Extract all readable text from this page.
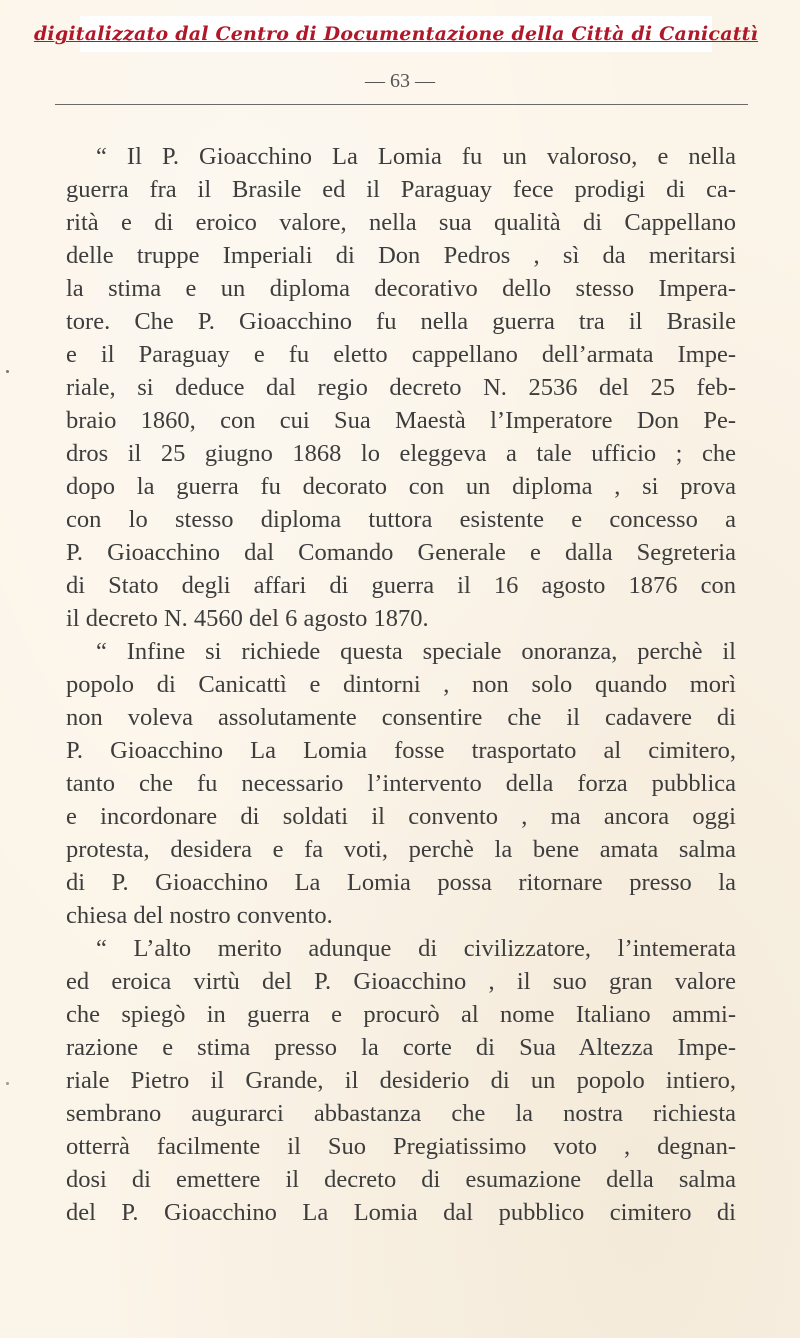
digitalizzato dal Centro di Documentazione della Città di Canicattì
— 63 —
“ Il P. Gioacchino La Lomia fu un valoroso, e nella
guerra fra il Brasile ed il Paraguay fece prodigi di ca-
rità e di eroico valore, nella sua qualità di Cappellano
delle truppe Imperiali di Don Pedros , sì da meritarsi
la stima e un diploma decorativo dello stesso Impera-
tore. Che P. Gioacchino fu nella guerra tra il Brasile
e il Paraguay e fu eletto cappellano dell’armata Impe-
riale, si deduce dal regio decreto N. 2536 del 25 feb-
braio 1860, con cui Sua Maestà l’Imperatore Don Pe-
dros il 25 giugno 1868 lo eleggeva a tale ufficio ; che
dopo la guerra fu decorato con un diploma , si prova
con lo stesso diploma tuttora esistente e concesso a
P. Gioacchino dal Comando Generale e dalla Segreteria
di Stato degli affari di guerra il 16 agosto 1876 con
il decreto N. 4560 del 6 agosto 1870.
“ Infine si richiede questa speciale onoranza, perchè il
popolo di Canicattì e dintorni , non solo quando morì
non voleva assolutamente consentire che il cadavere di
P. Gioacchino La Lomia fosse trasportato al cimitero,
tanto che fu necessario l’intervento della forza pubblica
e incordonare di soldati il convento , ma ancora oggi
protesta, desidera e fa voti, perchè la bene amata salma
di P. Gioacchino La Lomia possa ritornare presso la
chiesa del nostro convento.
“ L’alto merito adunque di civilizzatore, l’intemerata
ed eroica virtù del P. Gioacchino , il suo gran valore
che spiegò in guerra e procurò al nome Italiano ammi-
razione e stima presso la corte di Sua Altezza Impe-
riale Pietro il Grande, il desiderio di un popolo intiero,
sembrano augurarci abbastanza che la nostra richiesta
otterrà facilmente il Suo Pregiatissimo voto , degnan-
dosi di emettere il decreto di esumazione della salma
del P. Gioacchino La Lomia dal pubblico cimitero di
